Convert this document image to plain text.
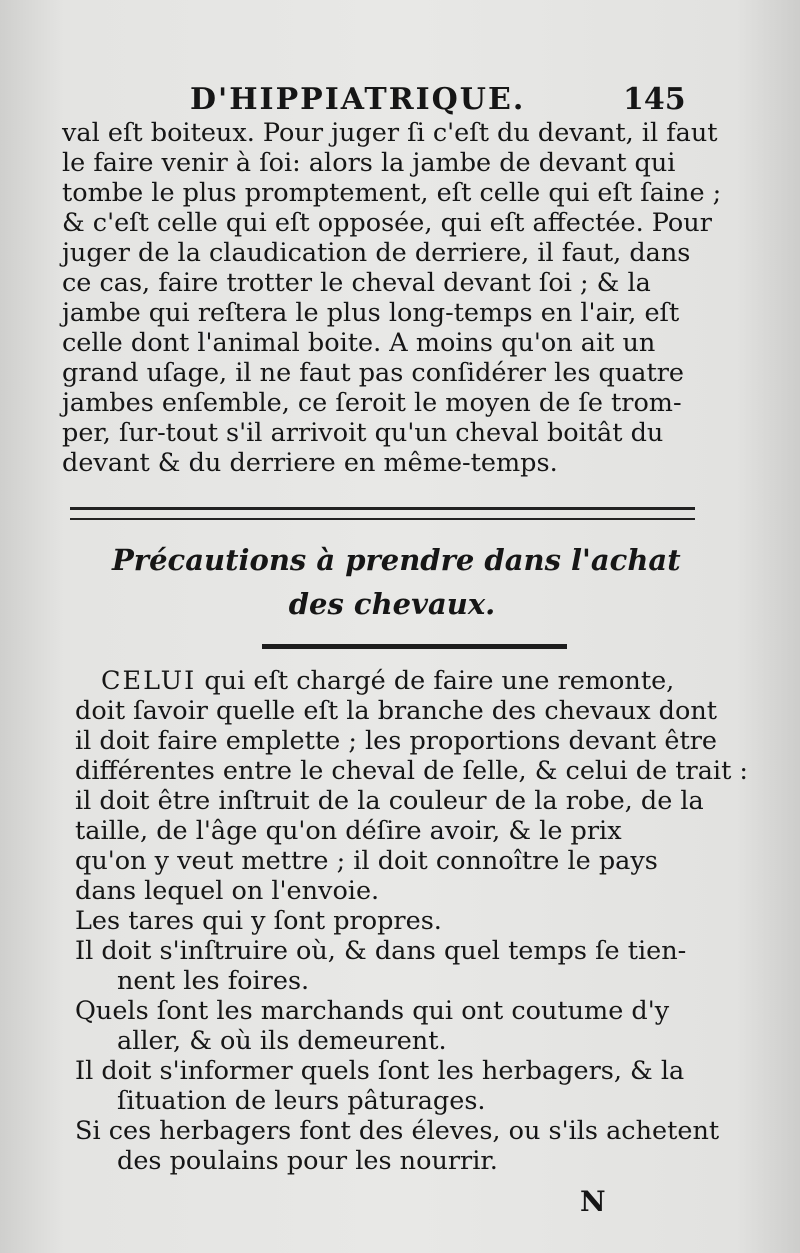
D'HIPPIATRIQUE.	145
val eſt boiteux. Pour juger ſi c'eſt du devant, il faut
le faire venir à ſoi: alors la jambe de devant qui
tombe le plus promptement, eſt celle qui eſt ſaine ;
& c'eſt celle qui eſt opposée, qui eſt affectée. Pour
juger de la claudication de derriere, il faut, dans
ce cas, faire trotter le cheval devant ſoi ; & la
jambe qui reſtera le plus long-temps en l'air, eſt
celle dont l'animal boite. A moins qu'on ait un
grand uſage, il ne faut pas conſidérer les quatre
jambes enſemble, ce ſeroit le moyen de ſe trom-
per, ſur-tout s'il arrivoit qu'un cheval boitât du
devant & du derriere en même-temps.
Précautions à prendre dans l'achat
des chevaux.
CELUI qui eſt chargé de faire une remonte,
doit ſavoir quelle eſt la branche des chevaux dont
il doit faire emplette ; les proportions devant être
différentes entre le cheval de ſelle, & celui de trait :
il doit être inſtruit de la couleur de la robe, de la
taille, de l'âge qu'on déſire avoir, & le prix
qu'on y veut mettre ; il doit connoître le pays
dans lequel on l'envoie.
Les tares qui y ſont propres.
Il doit s'inſtruire où, & dans quel temps ſe tien-
nent les foires.
Quels ſont les marchands qui ont coutume d'y
aller, & où ils demeurent.
Il doit s'informer quels ſont les herbagers, & la
ſituation de leurs pâturages.
Si ces herbagers font des éleves, ou s'ils achetent
des poulains pour les nourrir.
N
